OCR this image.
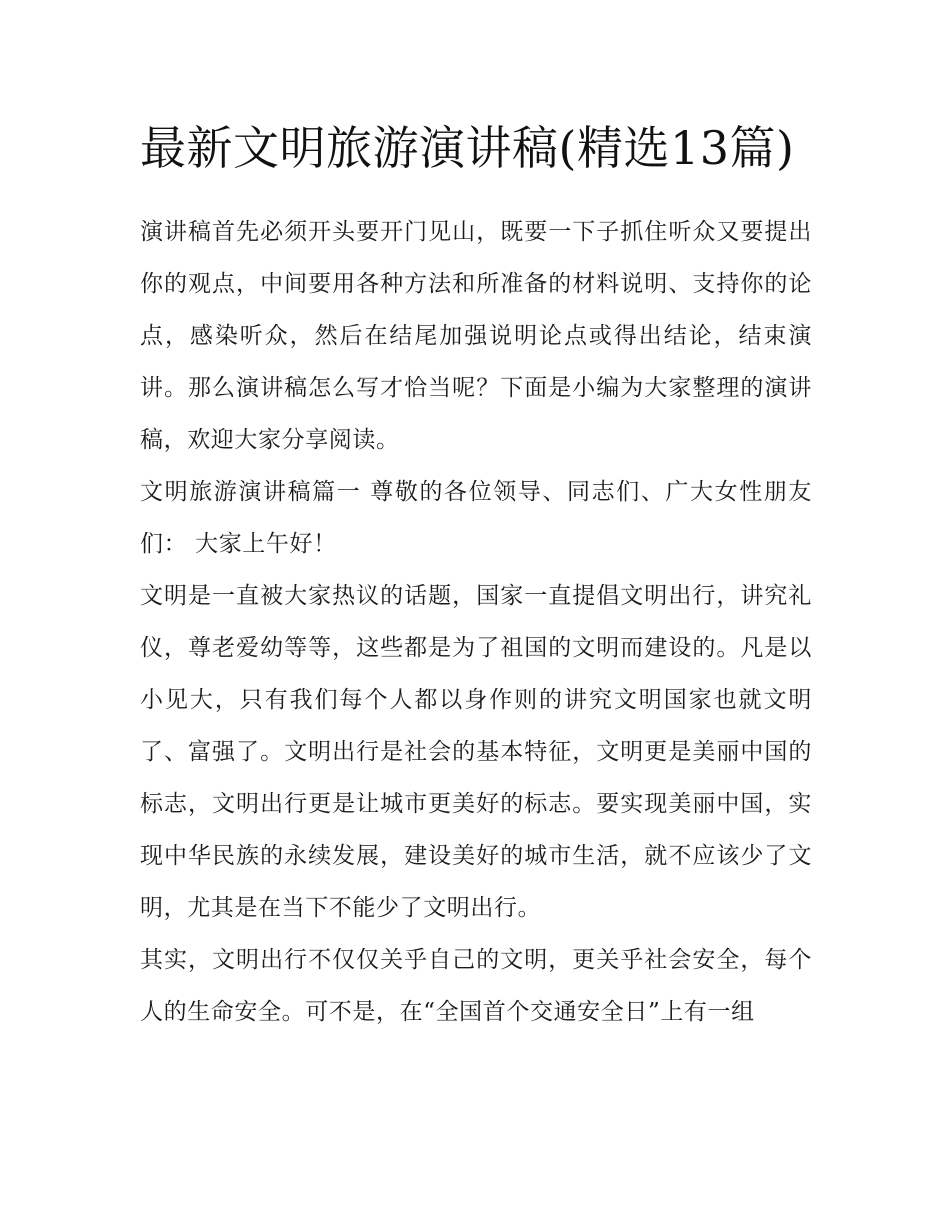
最新文明旅游演讲稿(精选13篇)

演讲稿首先必须开头要开门见山，既要一下子抓住听众又要提出你的观点，中间要用各种方法和所准备的材料说明、支持你的论点，感染听众，然后在结尾加强说明论点或得出结论，结束演讲。那么演讲稿怎么写才恰当呢？下面是小编为大家整理的演讲稿，欢迎大家分享阅读。

文明旅游演讲稿篇一 尊敬的各位领导、同志们、广大女性朋友们： 大家上午好！

文明是一直被大家热议的话题，国家一直提倡文明出行，讲究礼仪，尊老爱幼等等，这些都是为了祖国的文明而建设的。凡是以小见大，只有我们每个人都以身作则的讲究文明国家也就文明了、富强了。文明出行是社会的基本特征，文明更是美丽中国的标志，文明出行更是让城市更美好的标志。要实现美丽中国，实现中华民族的永续发展，建设美好的城市生活，就不应该少了文明，尤其是在当下不能少了文明出行。

其实，文明出行不仅仅关乎自己的文明，更关乎社会安全，每个人的生命安全。可不是，在“全国首个交通安全日”上有一组
